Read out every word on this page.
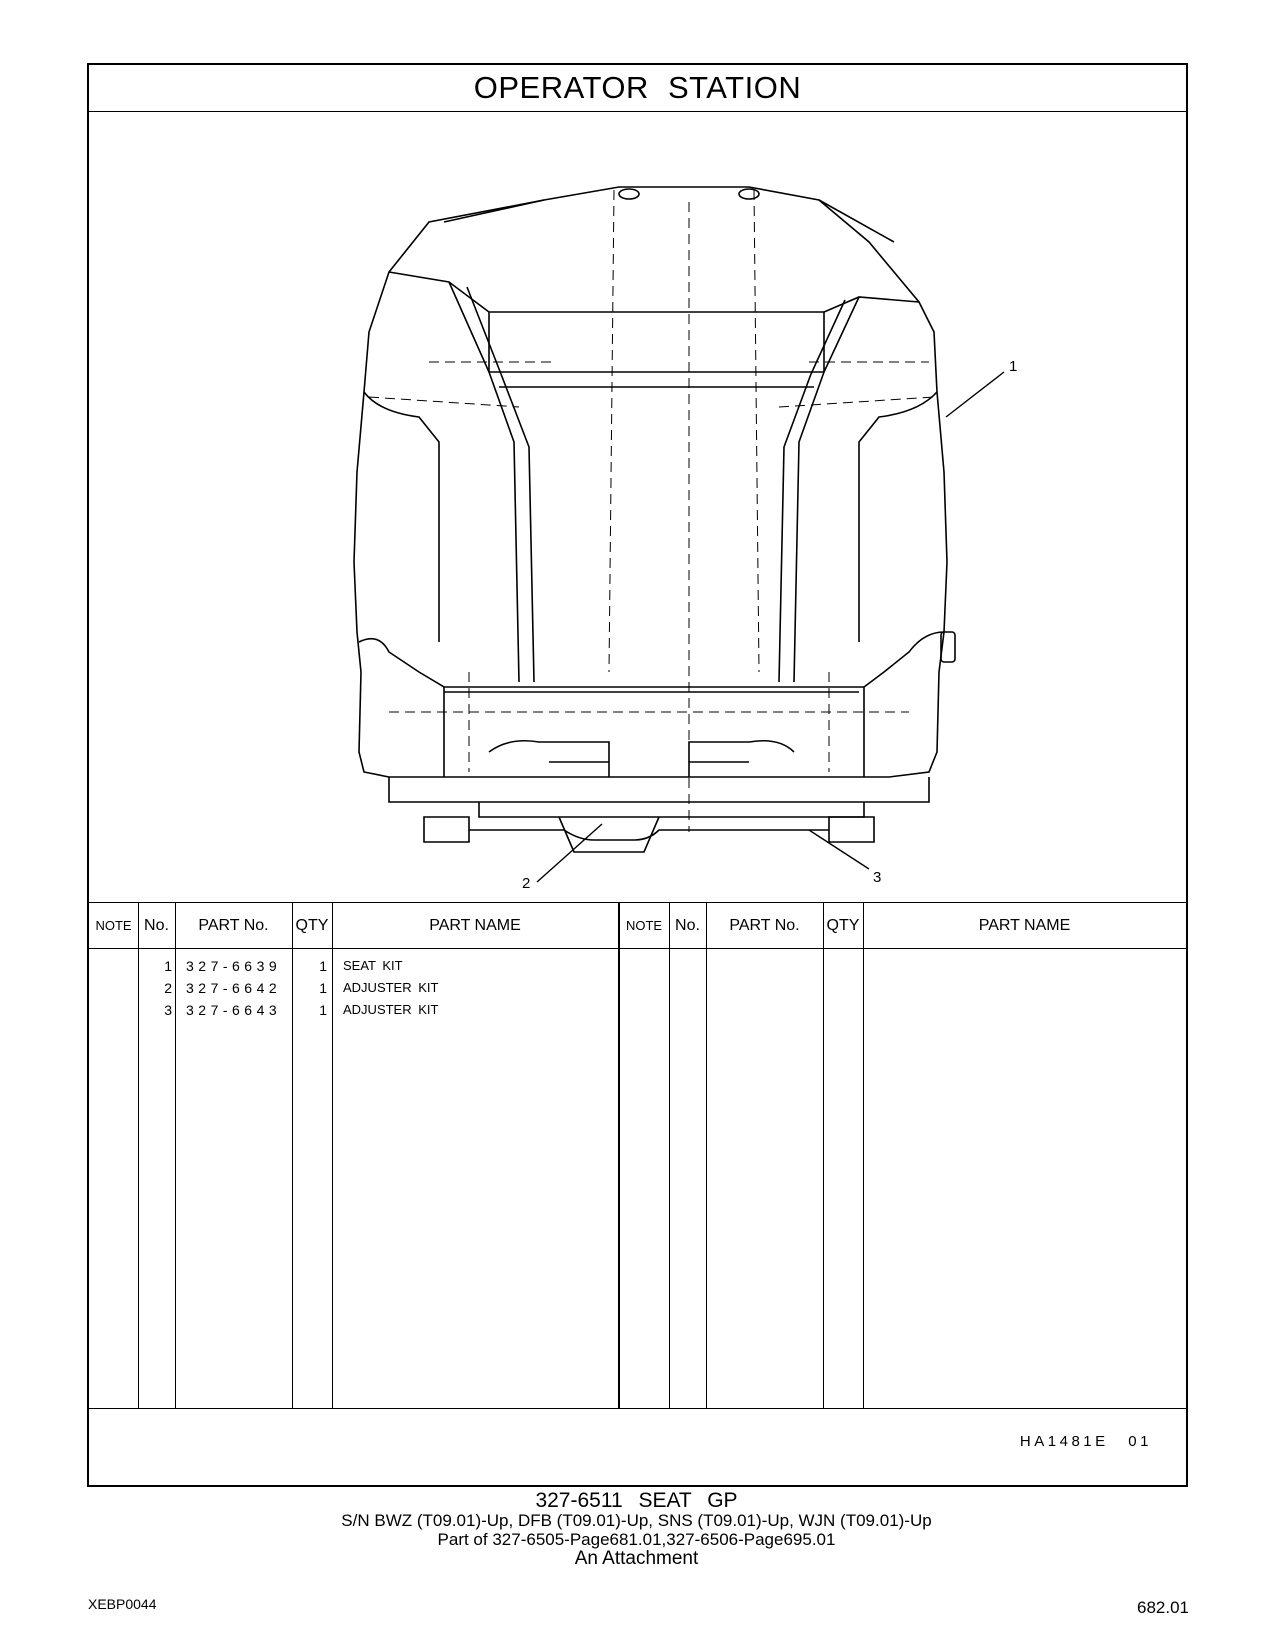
OPERATOR STATION
1
2	3
NOTE No.	PART No.	QTY	PART NAME	NOTE No.	PART No.	QTY	PART NAME
1 327-6639	1 SEAT KIT
2 327-6642	1 ADJUSTER KIT
3 327-6643	1 ADJUSTER KIT
HA1481E 01
327-6511 SEAT GP
S/N BWZ (T09.01)-Up, DFB (T09.01)-Up, SNS (T09.01)-Up, WJN (T09.01)-Up
Part of 327-6505-Page681.01,327-6506-Page695.01
An Attachment
XEBP0044	682.01
